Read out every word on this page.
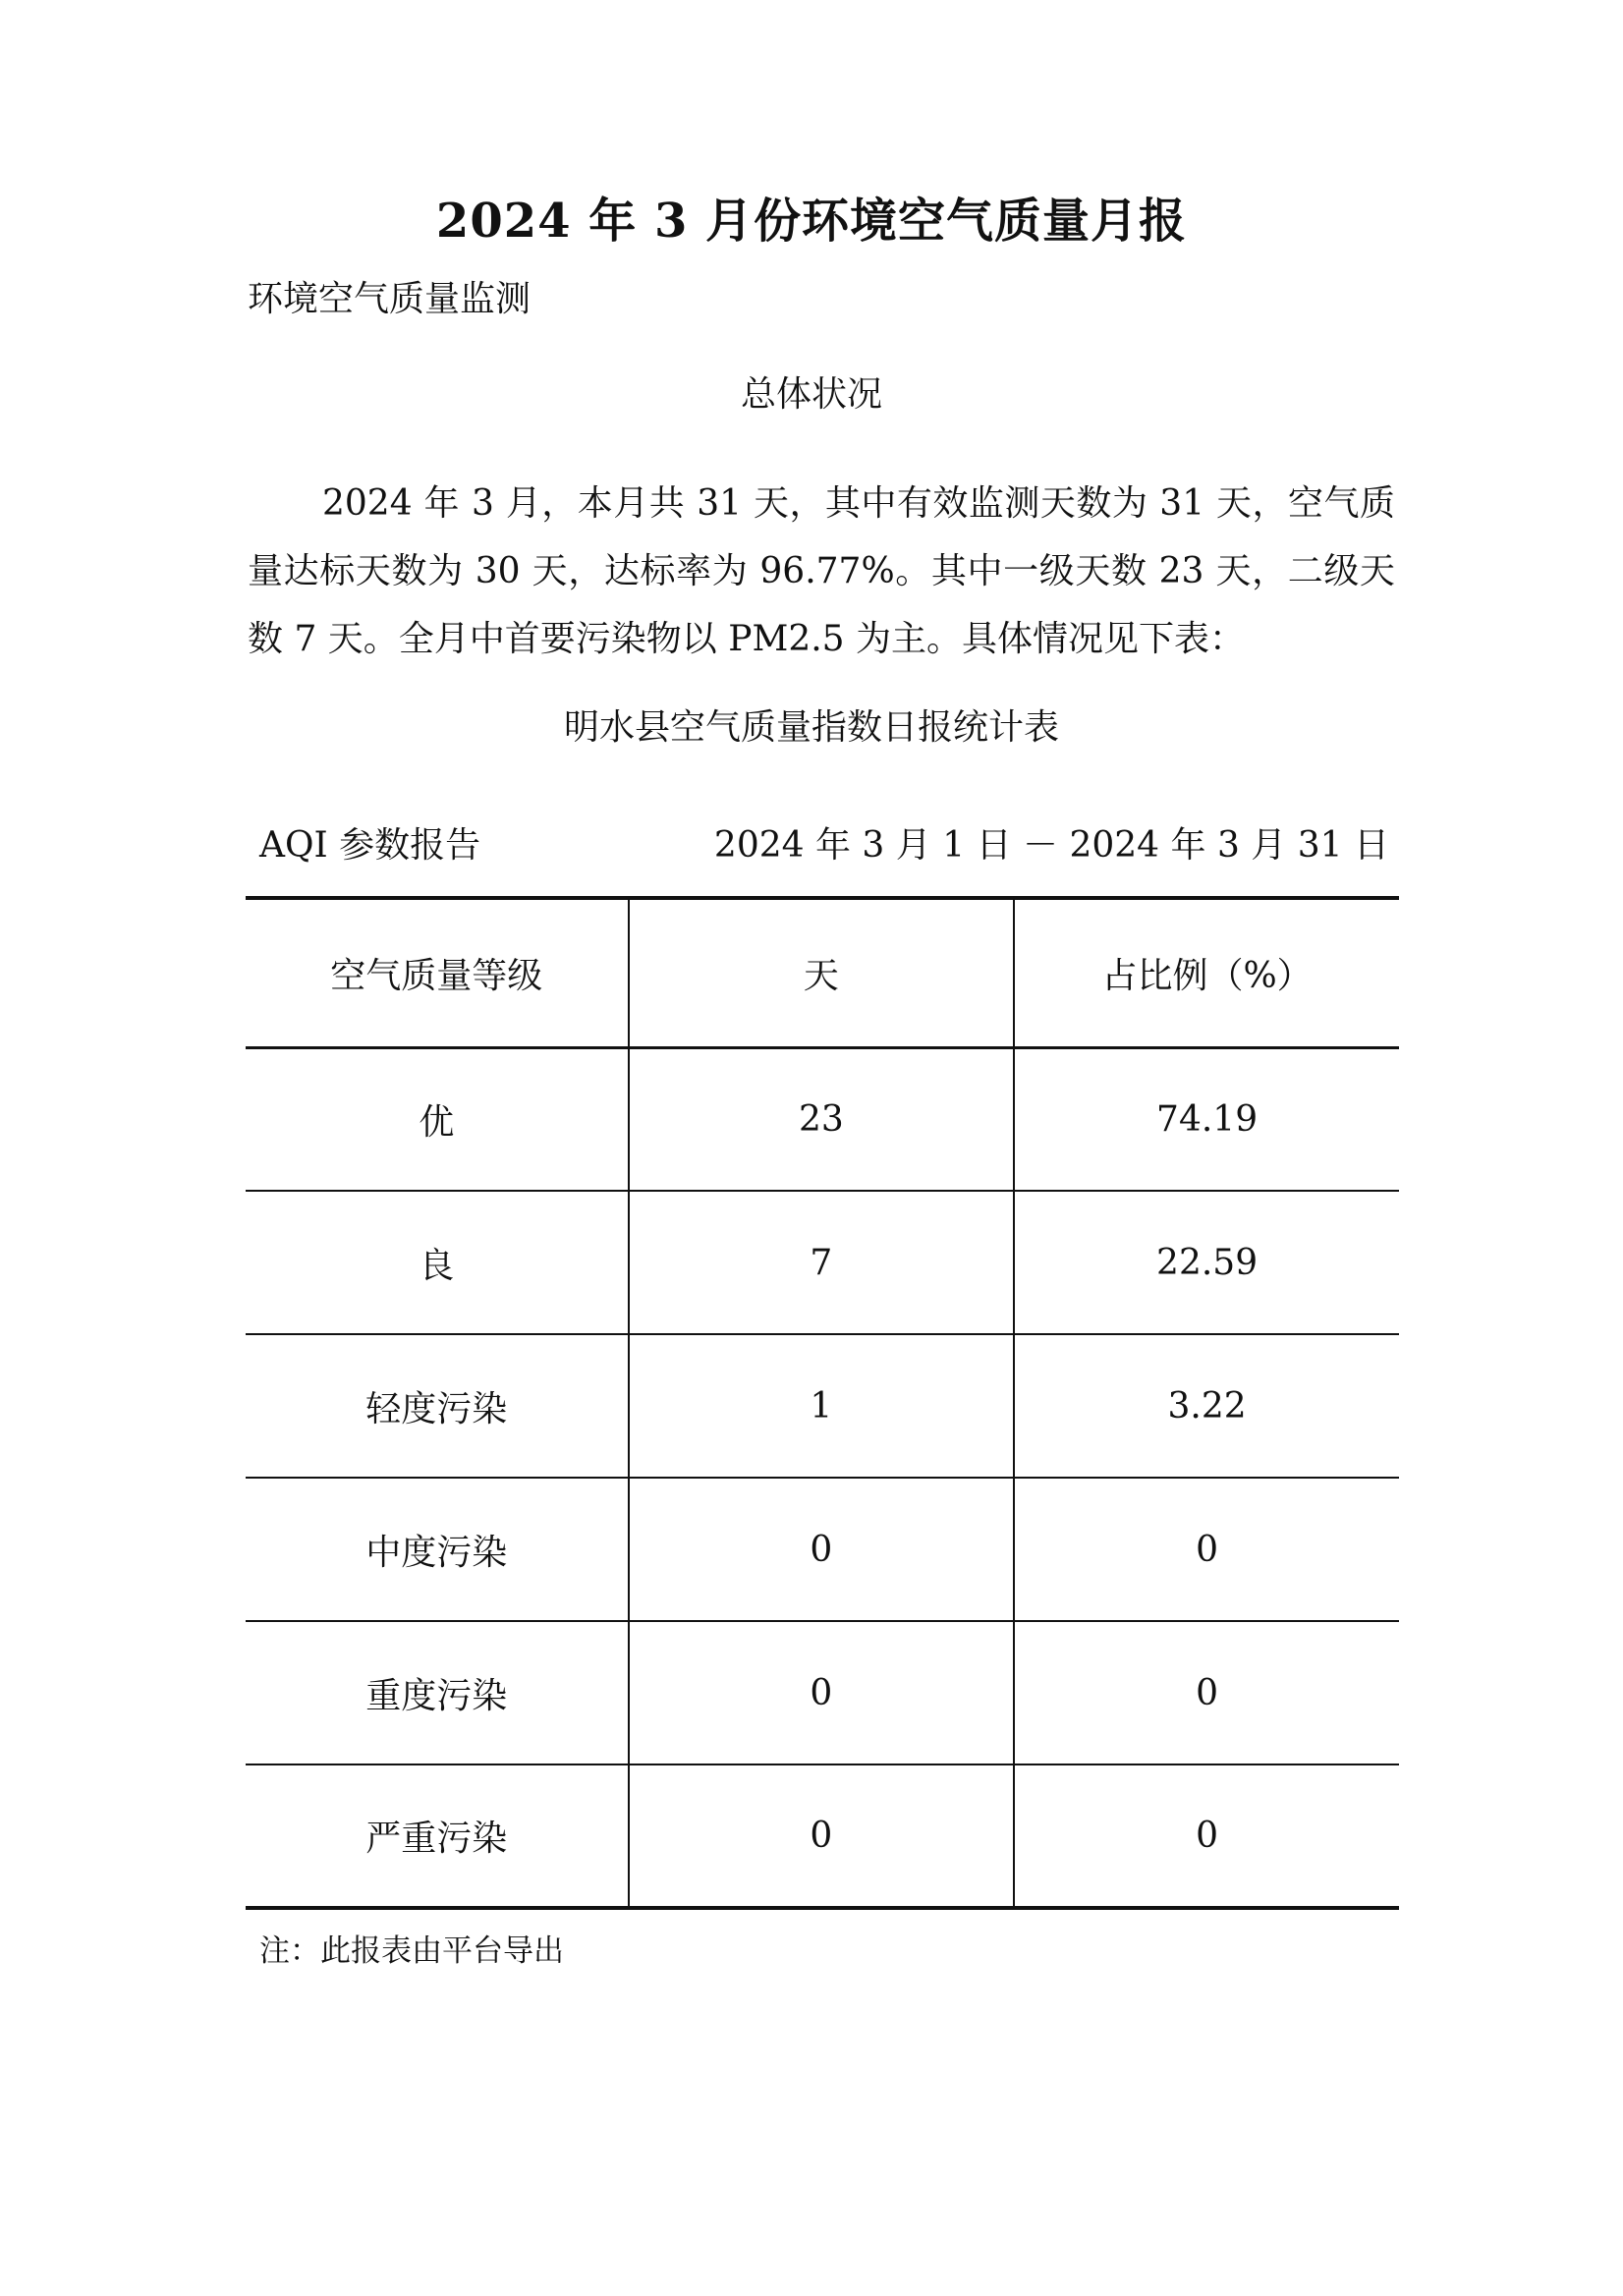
2024 年 3 月份环境空气质量月报
环境空气质量监测
总体状况

2024 年 3 月，本月共 31 天，其中有效监测天数为 31 天，空气质量达标天数为 30 天，达标率为 96.77%。其中一级天数 23 天，二级天数 7 天。全月中首要污染物以 PM2.5 为主。具体情况见下表：

明水县空气质量指数日报统计表
AQI 参数报告	2024 年 3 月 1 日 － 2024 年 3 月 31 日
空气质量等级	天	占比例（%）
优	23	74.19
良	7	22.59
轻度污染	1	3.22
中度污染	0	0
重度污染	0	0
严重污染	0	0
注：此报表由平台导出
